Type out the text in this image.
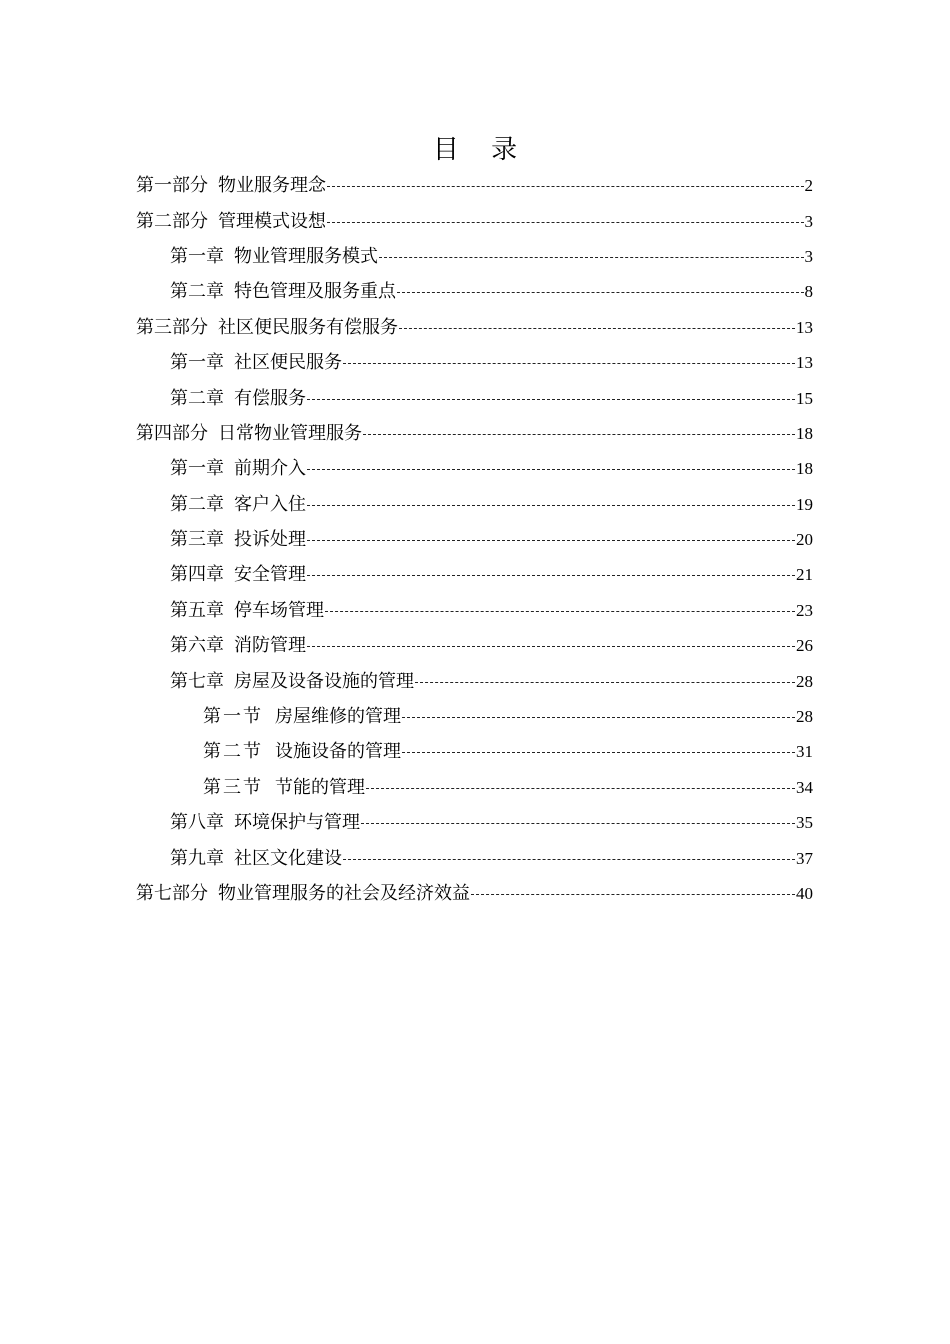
目 录
第一部分 物业服务理念	2
第二部分 管理模式设想	3
第一章 物业管理服务模式	3
第二章 特色管理及服务重点	8
第三部分 社区便民服务有偿服务	13
第一章 社区便民服务	13
第二章 有偿服务	15
第四部分 日常物业管理服务	18
第一章 前期介入	18
第二章 客户入住	19
第三章 投诉处理	20
第四章 安全管理	21
第五章 停车场管理	23
第六章 消防管理	26
第七章 房屋及设备设施的管理	28
第一节 房屋维修的管理	28
第二节 设施设备的管理	31
第三节 节能的管理	34
第八章 环境保护与管理	35
第九章 社区文化建设	37
第七部分 物业管理服务的社会及经济效益	40
